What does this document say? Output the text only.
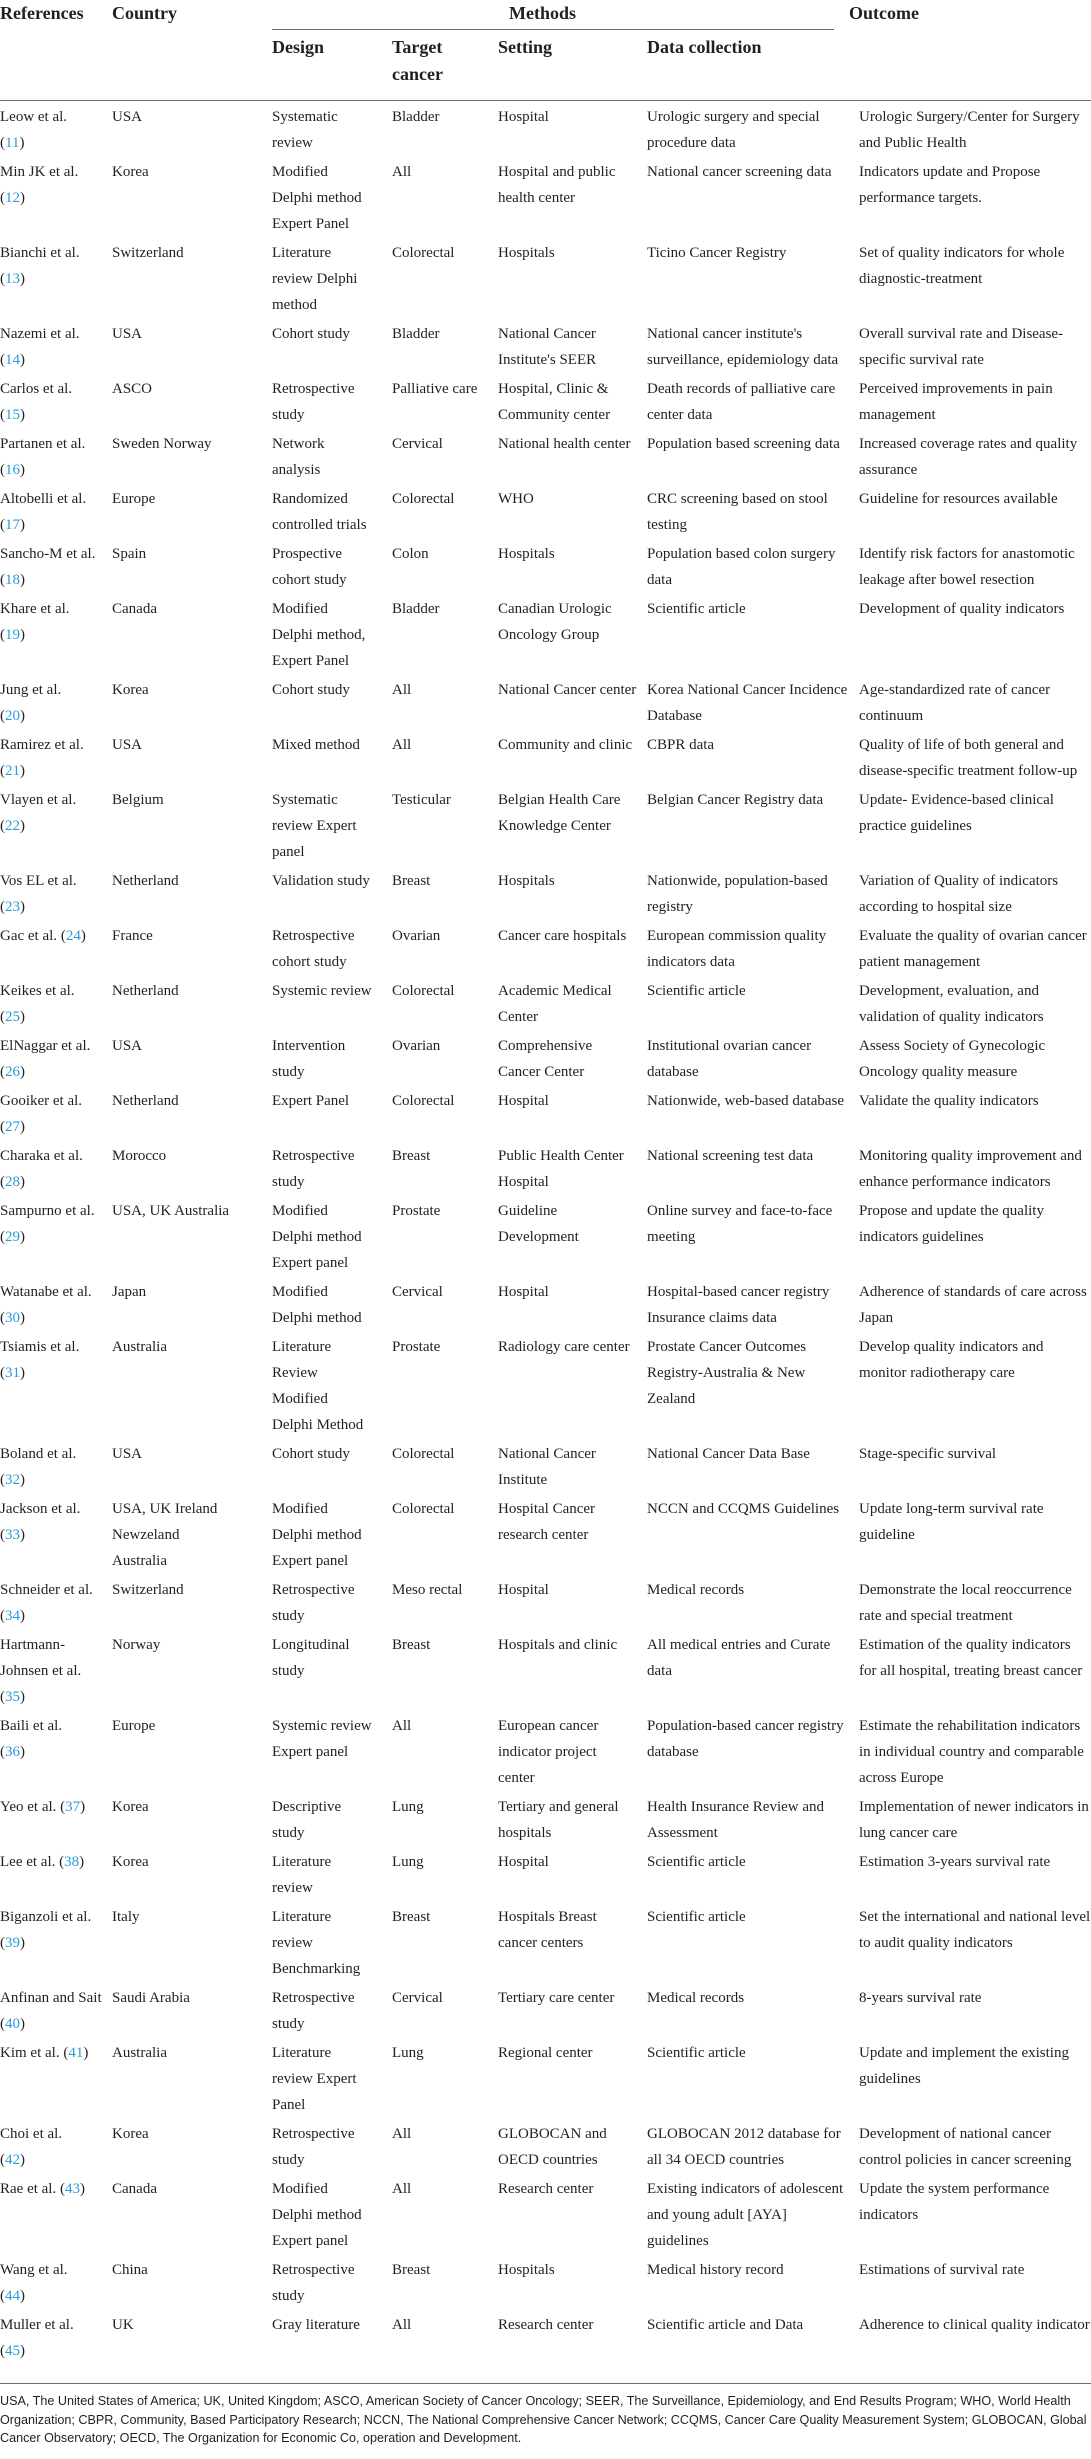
References	Country	Methods				Outcome
		Design	Target cancer	Setting	Data collection	

Leow et al.
(11)	USA	Systematic review	Bladder	Hospital	Urologic surgery and special procedure data	Urologic Surgery/Center for Surgery and Public Health
Min JK et al.
(12)	Korea	Modified Delphi method Expert Panel	All	Hospital and public health center	National cancer screening data	Indicators update and Propose performance targets.
Bianchi et al.
(13)	Switzerland	Literature review Delphi method	Colorectal	Hospitals	Ticino Cancer Registry	Set of quality indicators for whole diagnostic-treatment
Nazemi et al.
(14)	USA	Cohort study	Bladder	National Cancer Institute's SEER	National cancer institute's surveillance, epidemiology data	Overall survival rate and Disease-specific survival rate
Carlos et al.
(15)	ASCO	Retrospective study	Palliative care	Hospital, Clinic & Community center	Death records of palliative care center data	Perceived improvements in pain management
Partanen et al.
(16)	Sweden Norway	Network analysis	Cervical	National health center	Population based screening data	Increased coverage rates and quality assurance
Altobelli et al.
(17)	Europe	Randomized controlled trials	Colorectal	WHO	CRC screening based on stool testing	Guideline for resources available
Sancho-M et al.
(18)	Spain	Prospective cohort study	Colon	Hospitals	Population based colon surgery data	Identify risk factors for anastomotic leakage after bowel resection
Khare et al.
(19)	Canada	Modified Delphi method, Expert Panel	Bladder	Canadian Urologic Oncology Group	Scientific article	Development of quality indicators
Jung et al.
(20)	Korea	Cohort study	All	National Cancer center	Korea National Cancer Incidence Database	Age-standardized rate of cancer continuum
Ramirez et al.
(21)	USA	Mixed method	All	Community and clinic	CBPR data	Quality of life of both general and disease-specific treatment follow-up
Vlayen et al.
(22)	Belgium	Systematic review Expert panel	Testicular	Belgian Health Care Knowledge Center	Belgian Cancer Registry data	Update- Evidence-based clinical practice guidelines
Vos EL et al.
(23)	Netherland	Validation study	Breast	Hospitals	Nationwide, population-based registry	Variation of Quality of indicators according to hospital size
Gac et al. (24)	France	Retrospective cohort study	Ovarian	Cancer care hospitals	European commission quality indicators data	Evaluate the quality of ovarian cancer patient management
Keikes et al.
(25)	Netherland	Systemic review	Colorectal	Academic Medical Center	Scientific article	Development, evaluation, and validation of quality indicators
ElNaggar et al.
(26)	USA	Intervention study	Ovarian	Comprehensive Cancer Center	Institutional ovarian cancer database	Assess Society of Gynecologic Oncology quality measure
Gooiker et al.
(27)	Netherland	Expert Panel	Colorectal	Hospital	Nationwide, web-based database	Validate the quality indicators
Charaka et al.
(28)	Morocco	Retrospective study	Breast	Public Health Center Hospital	National screening test data	Monitoring quality improvement and enhance performance indicators
Sampurno et al.
(29)	USA, UK Australia	Modified Delphi method Expert panel	Prostate	Guideline Development	Online survey and face-to-face meeting	Propose and update the quality indicators guidelines
Watanabe et al.
(30)	Japan	Modified Delphi method	Cervical	Hospital	Hospital-based cancer registry Insurance claims data	Adherence of standards of care across Japan
Tsiamis et al.
(31)	Australia	Literature Review Modified Delphi Method	Prostate	Radiology care center	Prostate Cancer Outcomes Registry-Australia & New Zealand	Develop quality indicators and monitor radiotherapy care
Boland et al.
(32)	USA	Cohort study	Colorectal	National Cancer Institute	National Cancer Data Base	Stage-specific survival
Jackson et al.
(33)	USA, UK Ireland Newzeland Australia	Modified Delphi method Expert panel	Colorectal	Hospital Cancer research center	NCCN and CCQMS Guidelines	Update long-term survival rate guideline
Schneider et al.
(34)	Switzerland	Retrospective study	Meso rectal	Hospital	Medical records	Demonstrate the local reoccurrence rate and special treatment
Hartmann-Johnsen et al.
(35)	Norway	Longitudinal study	Breast	Hospitals and clinic	All medical entries and Curate data	Estimation of the quality indicators for all hospital, treating breast cancer
Baili et al.
(36)	Europe	Systemic review Expert panel	All	European cancer indicator project center	Population-based cancer registry database	Estimate the rehabilitation indicators in individual country and comparable across Europe
Yeo et al. (37)	Korea	Descriptive study	Lung	Tertiary and general hospitals	Health Insurance Review and Assessment	Implementation of newer indicators in lung cancer care
Lee et al. (38)	Korea	Literature review	Lung	Hospital	Scientific article	Estimation 3-years survival rate
Biganzoli et al.
(39)	Italy	Literature review Benchmarking	Breast	Hospitals Breast cancer centers	Scientific article	Set the international and national level to audit quality indicators
Anfinan and Sait
(40)	Saudi Arabia	Retrospective study	Cervical	Tertiary care center	Medical records	8-years survival rate
Kim et al. (41)	Australia	Literature review Expert Panel	Lung	Regional center	Scientific article	Update and implement the existing guidelines
Choi et al.
(42)	Korea	Retrospective study	All	GLOBOCAN and OECD countries	GLOBOCAN 2012 database for all 34 OECD countries	Development of national cancer control policies in cancer screening
Rae et al. (43)	Canada	Modified Delphi method Expert panel	All	Research center	Existing indicators of adolescent and young adult [AYA] guidelines	Update the system performance indicators
Wang et al.
(44)	China	Retrospective study	Breast	Hospitals	Medical history record	Estimations of survival rate
Muller et al.
(45)	UK	Gray literature	All	Research center	Scientific article and Data	Adherence to clinical quality indicator
USA, The United States of America; UK, United Kingdom; ASCO, American Society of Cancer Oncology; SEER, The Surveillance, Epidemiology, and End Results Program; WHO, World Health Organization; CBPR, Community, Based Participatory Research; NCCN, The National Comprehensive Cancer Network; CCQMS, Cancer Care Quality Measurement System; GLOBOCAN, Global Cancer Observatory; OECD, The Organization for Economic Co, operation and Development.
